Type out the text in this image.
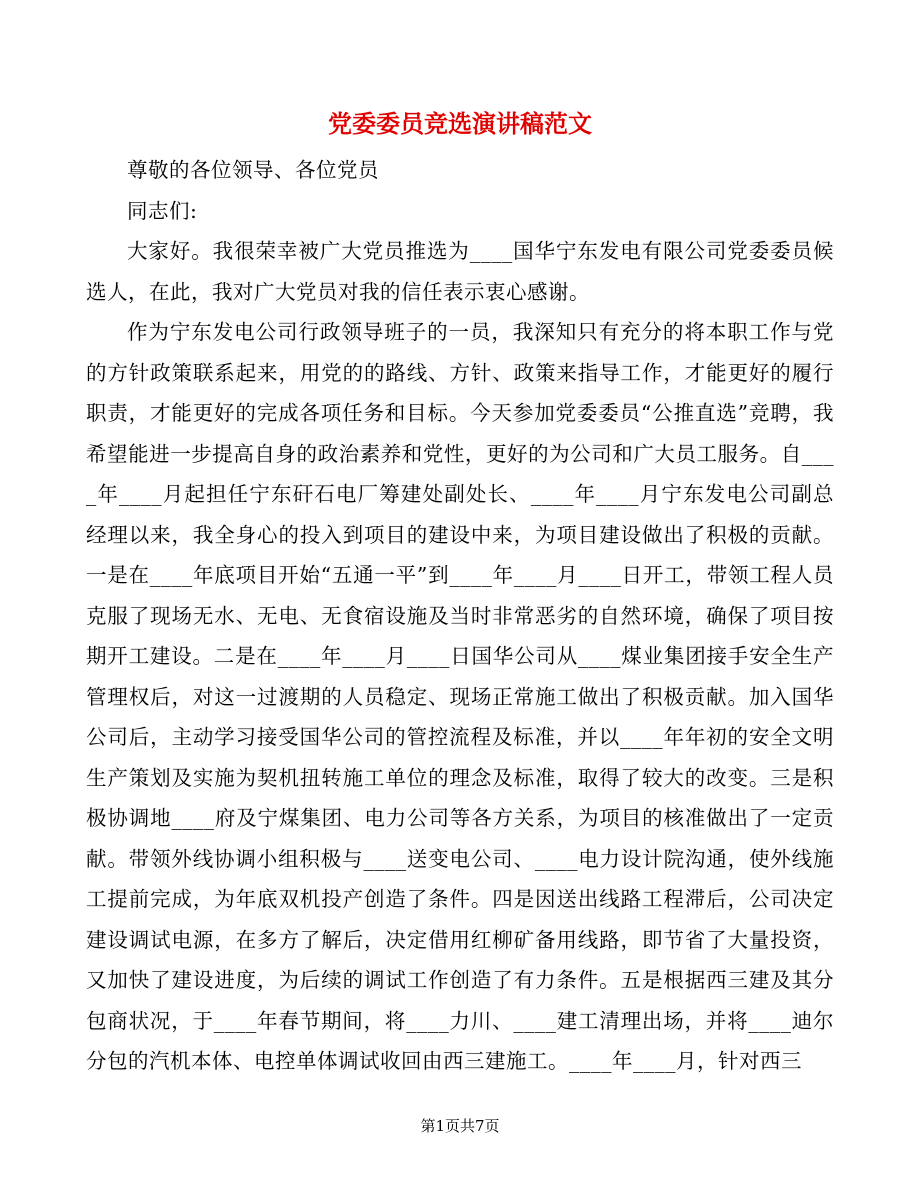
党委委员竞选演讲稿范文

尊敬的各位领导、各位党员

同志们:

大家好。我很荣幸被广大党员推选为____国华宁东发电有限公司党委委员候选人，在此，我对广大党员对我的信任表示衷心感谢。

作为宁东发电公司行政领导班子的一员，我深知只有充分的将本职工作与党的方针政策联系起来，用党的的路线、方针、政策来指导工作，才能更好的履行职责，才能更好的完成各项任务和目标。今天参加党委委员“公推直选”竞聘，我希望能进一步提高自身的政治素养和党性，更好的为公司和广大员工服务。自____年____月起担任宁东矸石电厂筹建处副处长、____年____月宁东发电公司副总经理以来，我全身心的投入到项目的建设中来，为项目建设做出了积极的贡献。一是在____年底项目开始“五通一平”到____年____月____日开工，带领工程人员克服了现场无水、无电、无食宿设施及当时非常恶劣的自然环境，确保了项目按期开工建设。二是在____年____月____日国华公司从____煤业集团接手安全生产管理权后，对这一过渡期的人员稳定、现场正常施工做出了积极贡献。加入国华公司后，主动学习接受国华公司的管控流程及标准，并以____年年初的安全文明生产策划及实施为契机扭转施工单位的理念及标准，取得了较大的改变。三是积极协调地____府及宁煤集团、电力公司等各方关系，为项目的核准做出了一定贡献。带领外线协调小组积极与____送变电公司、____电力设计院沟通，使外线施工提前完成，为年底双机投产创造了条件。四是因送出线路工程滞后，公司决定建设调试电源，在多方了解后，决定借用红柳矿备用线路，即节省了大量投资，又加快了建设进度，为后续的调试工作创造了有力条件。五是根据西三建及其分包商状况，于____年春节期间，将____力川、____建工清理出场，并将____迪尔分包的汽机本体、电控单体调试收回由西三建施工。____年____月，针对西三

第1页共7页
